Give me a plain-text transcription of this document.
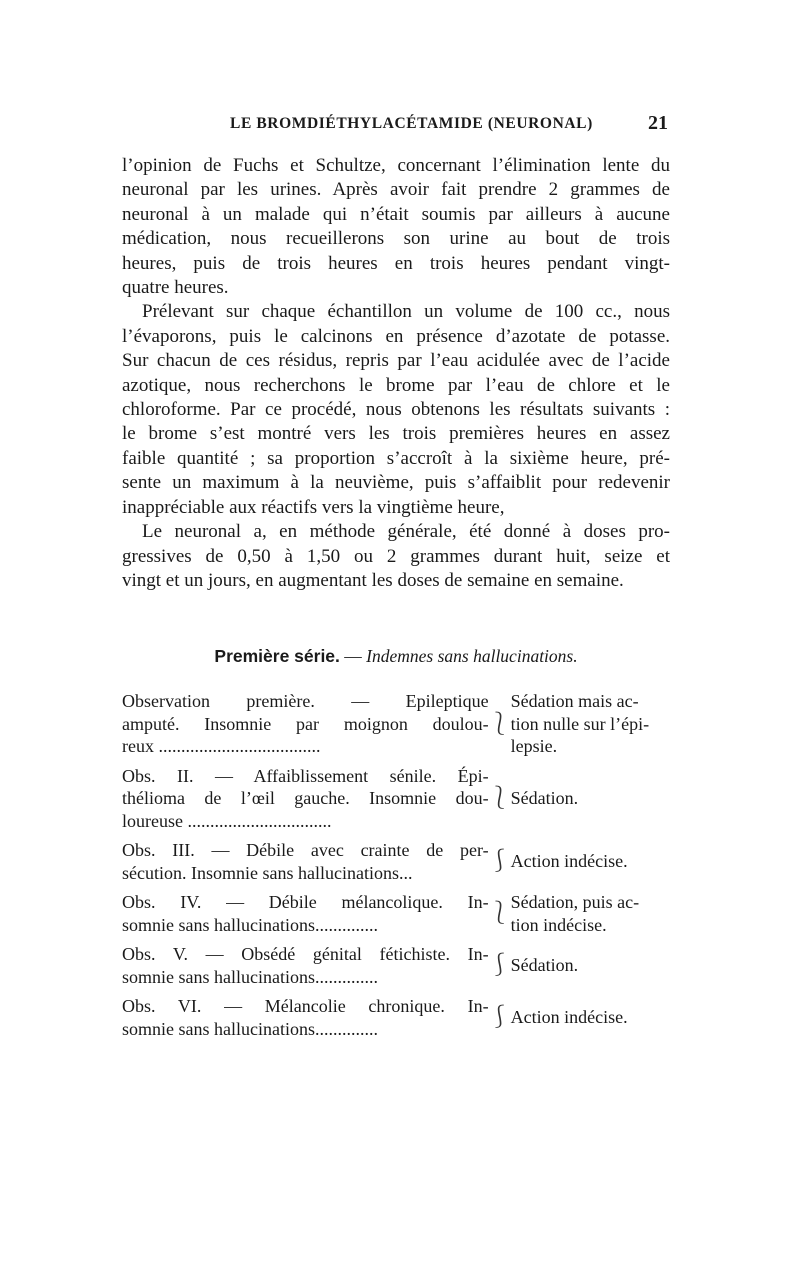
LE BROMDIÉTHYLACÉTAMIDE (NEURONAL)	21

l’opinion de Fuchs et Schultze, concernant l’élimination lente du
neuronal par les urines. Après avoir fait prendre 2 grammes de
neuronal à un malade qui n’était soumis par ailleurs à aucune
médication, nous recueillerons son urine au bout de trois
heures, puis de trois heures en trois heures pendant vingt-
quatre heures.

Prélevant sur chaque échantillon un volume de 100 cc., nous
l’évaporons, puis le calcinons en présence d’azotate de potasse.
Sur chacun de ces résidus, repris par l’eau acidulée avec de l’acide
azotique, nous recherchons le brome par l’eau de chlore et le
chloroforme. Par ce procédé, nous obtenons les résultats suivants :
le brome s’est montré vers les trois premières heures en assez
faible quantité ; sa proportion s’accroît à la sixième heure, pré-
sente un maximum à la neuvième, puis s’affaiblit pour redevenir
inappréciable aux réactifs vers la vingtième heure,

Le neuronal a, en méthode générale, été donné à doses pro-
gressives de 0,50 à 1,50 ou 2 grammes durant huit, seize et
vingt et un jours, en augmentant les doses de semaine en semaine.

Première série. — Indemnes sans hallucinations.
Observation première. — Epileptique
amputé. Insomnie par moignon doulou-
reux ....................................
⎱
Sédation mais ac-
tion nulle sur l’épi-
lepsie.
Obs. II. — Affaiblissement sénile. Épi-
thélioma de l’œil gauche. Insomnie dou-
loureuse ................................
⎱ Sédation.
Obs. III. — Débile avec crainte de per-
sécution. Insomnie sans hallucinations...	⎰ Action indécise.
Obs. IV. — Débile mélancolique. In-
somnie sans hallucinations..............	⎱ Sédation, puis ac-
tion indécise.
Obs. V. — Obsédé génital fétichiste. In-
somnie sans hallucinations..............	⎰ Sédation.
Obs. VI. — Mélancolie chronique. In-
somnie sans hallucinations..............	⎰ Action indécise.
